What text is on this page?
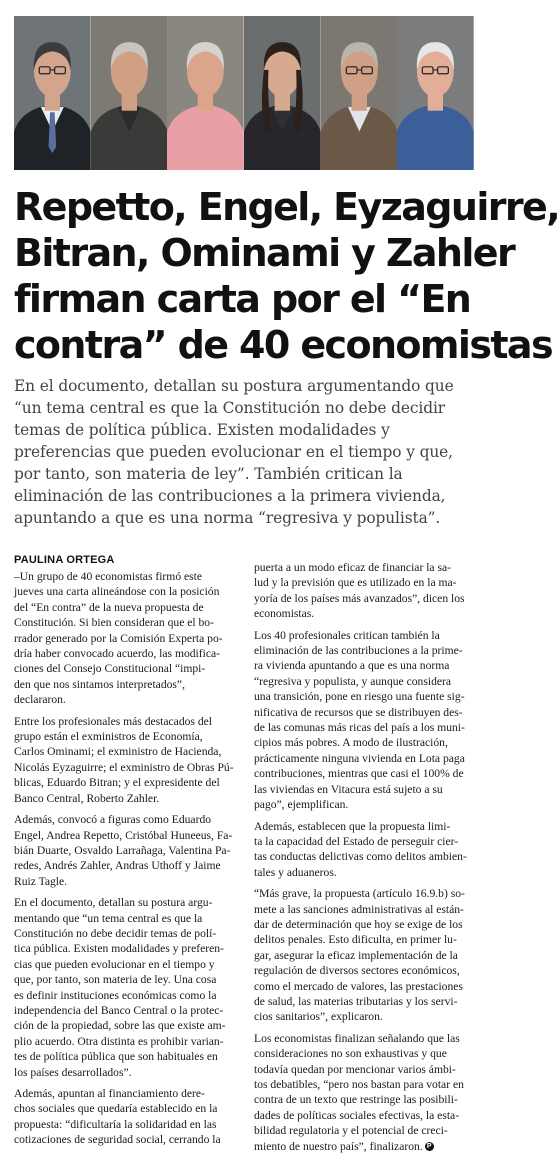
Repetto, Engel, Eyzaguirre,
Bitran, Ominami y Zahler
firman carta por el “En
contra” de 40 economistas

En el documento, detallan su postura argumentando que
“un tema central es que la Constitución no debe decidir
temas de política pública. Existen modalidades y
preferencias que pueden evolucionar en el tiempo y que,
por tanto, son materia de ley”. También critican la
eliminación de las contribuciones a la primera vivienda,
apuntando a que es una norma “regresiva y populista”.

PAULINA ORTEGA

–Un grupo de 40 economistas firmó este
jueves una carta alineándose con la posición
del “En contra” de la nueva propuesta de
Constitución. Si bien consideran que el bo-
rrador generado por la Comisión Experta po-
dría haber convocado acuerdo, las modifica-
ciones del Consejo Constitucional “impi-
den que nos sintamos interpretados”,
declararon.

Entre los profesionales más destacados del
grupo están el exministros de Economía,
Carlos Ominami; el exministro de Hacienda,
Nicolás Eyzaguirre; el exministro de Obras Pú-
blicas, Eduardo Bitran; y el expresidente del
Banco Central, Roberto Zahler.

Además, convocó a figuras como Eduardo
Engel, Andrea Repetto, Cristóbal Huneeus, Fa-
bián Duarte, Osvaldo Larrañaga, Valentina Pa-
redes, Andrés Zahler, Andras Uthoff y Jaime
Ruiz Tagle.

En el documento, detallan su postura argu-
mentando que “un tema central es que la
Constitución no debe decidir temas de polí-
tica pública. Existen modalidades y preferen-
cias que pueden evolucionar en el tiempo y
que, por tanto, son materia de ley. Una cosa
es definir instituciones económicas como la
independencia del Banco Central o la protec-
ción de la propiedad, sobre las que existe am-
plio acuerdo. Otra distinta es prohibir varian-
tes de política pública que son habituales en
los países desarrollados”.

Además, apuntan al financiamiento dere-
chos sociales que quedaría establecido en la
propuesta: “dificultaría la solidaridad en las
cotizaciones de seguridad social, cerrando la

puerta a un modo eficaz de financiar la sa-
lud y la previsión que es utilizado en la ma-
yoría de los países más avanzados”, dicen los
economistas.

Los 40 profesionales critican también la
eliminación de las contribuciones a la prime-
ra vivienda apuntando a que es una norma
“regresiva y populista, y aunque considera
una transición, pone en riesgo una fuente sig-
nificativa de recursos que se distribuyen des-
de las comunas más ricas del país a los muni-
cipios más pobres. A modo de ilustración,
prácticamente ninguna vivienda en Lota paga
contribuciones, mientras que casi el 100% de
las viviendas en Vitacura está sujeto a su
pago”, ejemplifican.

Además, establecen que la propuesta limi-
ta la capacidad del Estado de perseguir cier-
tas conductas delictivas como delitos ambien-
tales y aduaneros.

“Más grave, la propuesta (artículo 16.9.b) so-
mete a las sanciones administrativas al están-
dar de determinación que hoy se exige de los
delitos penales. Esto dificulta, en primer lu-
gar, asegurar la eficaz implementación de la
regulación de diversos sectores económicos,
como el mercado de valores, las prestaciones
de salud, las materias tributarias y los servi-
cios sanitarios”, explicaron.

Los economistas finalizan señalando que las
consideraciones no son exhaustivas y que
todavía quedan por mencionar varios ámbi-
tos debatibles, “pero nos bastan para votar en
contra de un texto que restringe las posibili-
dades de políticas sociales efectivas, la esta-
bilidad regulatoria y el potencial de creci-
miento de nuestro país”, finalizaron. P
